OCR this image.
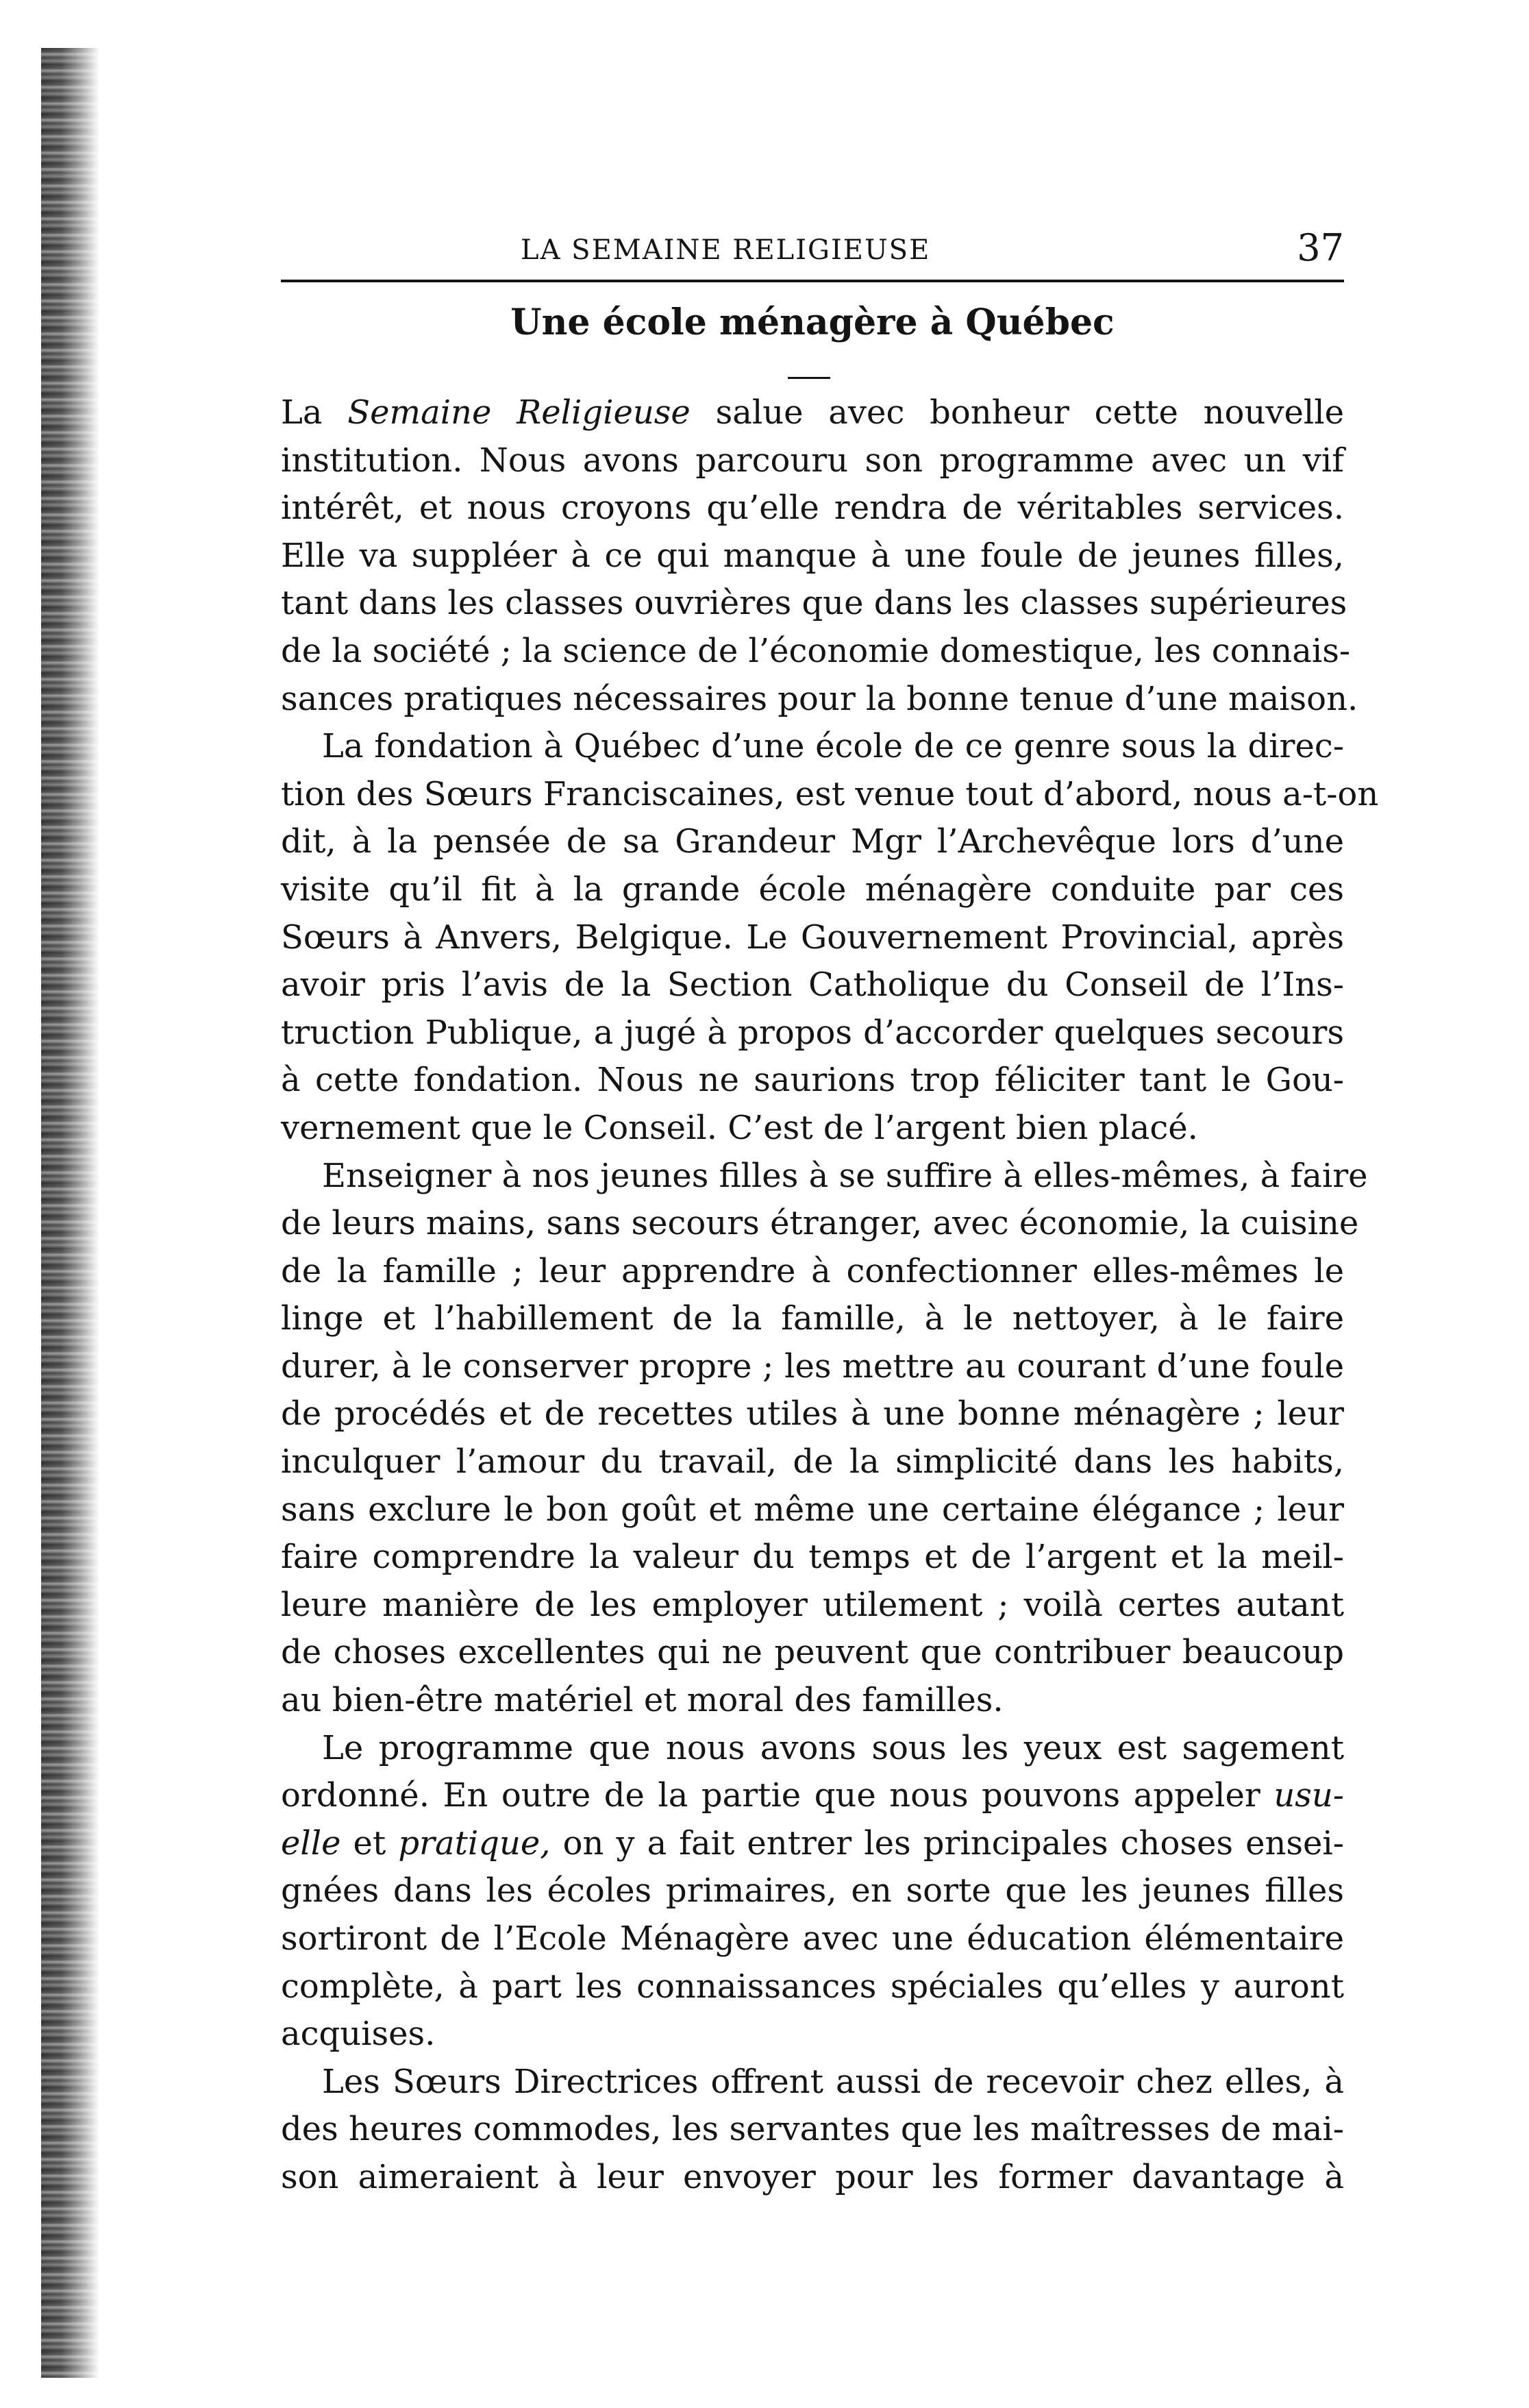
LA SEMAINE RELIGIEUSE	37
Une école ménagère à Québec
La Semaine Religieuse salue avec bonheur cette nouvelle
institution. Nous avons parcouru son programme avec un vif
intérêt, et nous croyons qu’elle rendra de véritables services.
Elle va suppléer à ce qui manque à une foule de jeunes filles,
tant dans les classes ouvrières que dans les classes supérieures
de la société ; la science de l’économie domestique, les connais-
sances pratiques nécessaires pour la bonne tenue d’une maison.
La fondation à Québec d’une école de ce genre sous la direc-
tion des Sœurs Franciscaines, est venue tout d’abord, nous a-t-on
dit, à la pensée de sa Grandeur Mgr l’Archevêque lors d’une
visite qu’il fit à la grande école ménagère conduite par ces
Sœurs à Anvers, Belgique. Le Gouvernement Provincial, après
avoir pris l’avis de la Section Catholique du Conseil de l’Ins-
truction Publique, a jugé à propos d’accorder quelques secours
à cette fondation. Nous ne saurions trop féliciter tant le Gou-
vernement que le Conseil. C’est de l’argent bien placé.
Enseigner à nos jeunes filles à se suffire à elles-mêmes, à faire
de leurs mains, sans secours étranger, avec économie, la cuisine
de la famille ; leur apprendre à confectionner elles-mêmes le
linge et l’habillement de la famille, à le nettoyer, à le faire
durer, à le conserver propre ; les mettre au courant d’une foule
de procédés et de recettes utiles à une bonne ménagère ; leur
inculquer l’amour du travail, de la simplicité dans les habits,
sans exclure le bon goût et même une certaine élégance ; leur
faire comprendre la valeur du temps et de l’argent et la meil-
leure manière de les employer utilement ; voilà certes autant
de choses excellentes qui ne peuvent que contribuer beaucoup
au bien-être matériel et moral des familles.
Le programme que nous avons sous les yeux est sagement
ordonné. En outre de la partie que nous pouvons appeler usu-
elle et pratique, on y a fait entrer les principales choses ensei-
gnées dans les écoles primaires, en sorte que les jeunes filles
sortiront de l’Ecole Ménagère avec une éducation élémentaire
complète, à part les connaissances spéciales qu’elles y auront
acquises.
Les Sœurs Directrices offrent aussi de recevoir chez elles, à
des heures commodes, les servantes que les maîtresses de mai-
son aimeraient à leur envoyer pour les former davantage à
